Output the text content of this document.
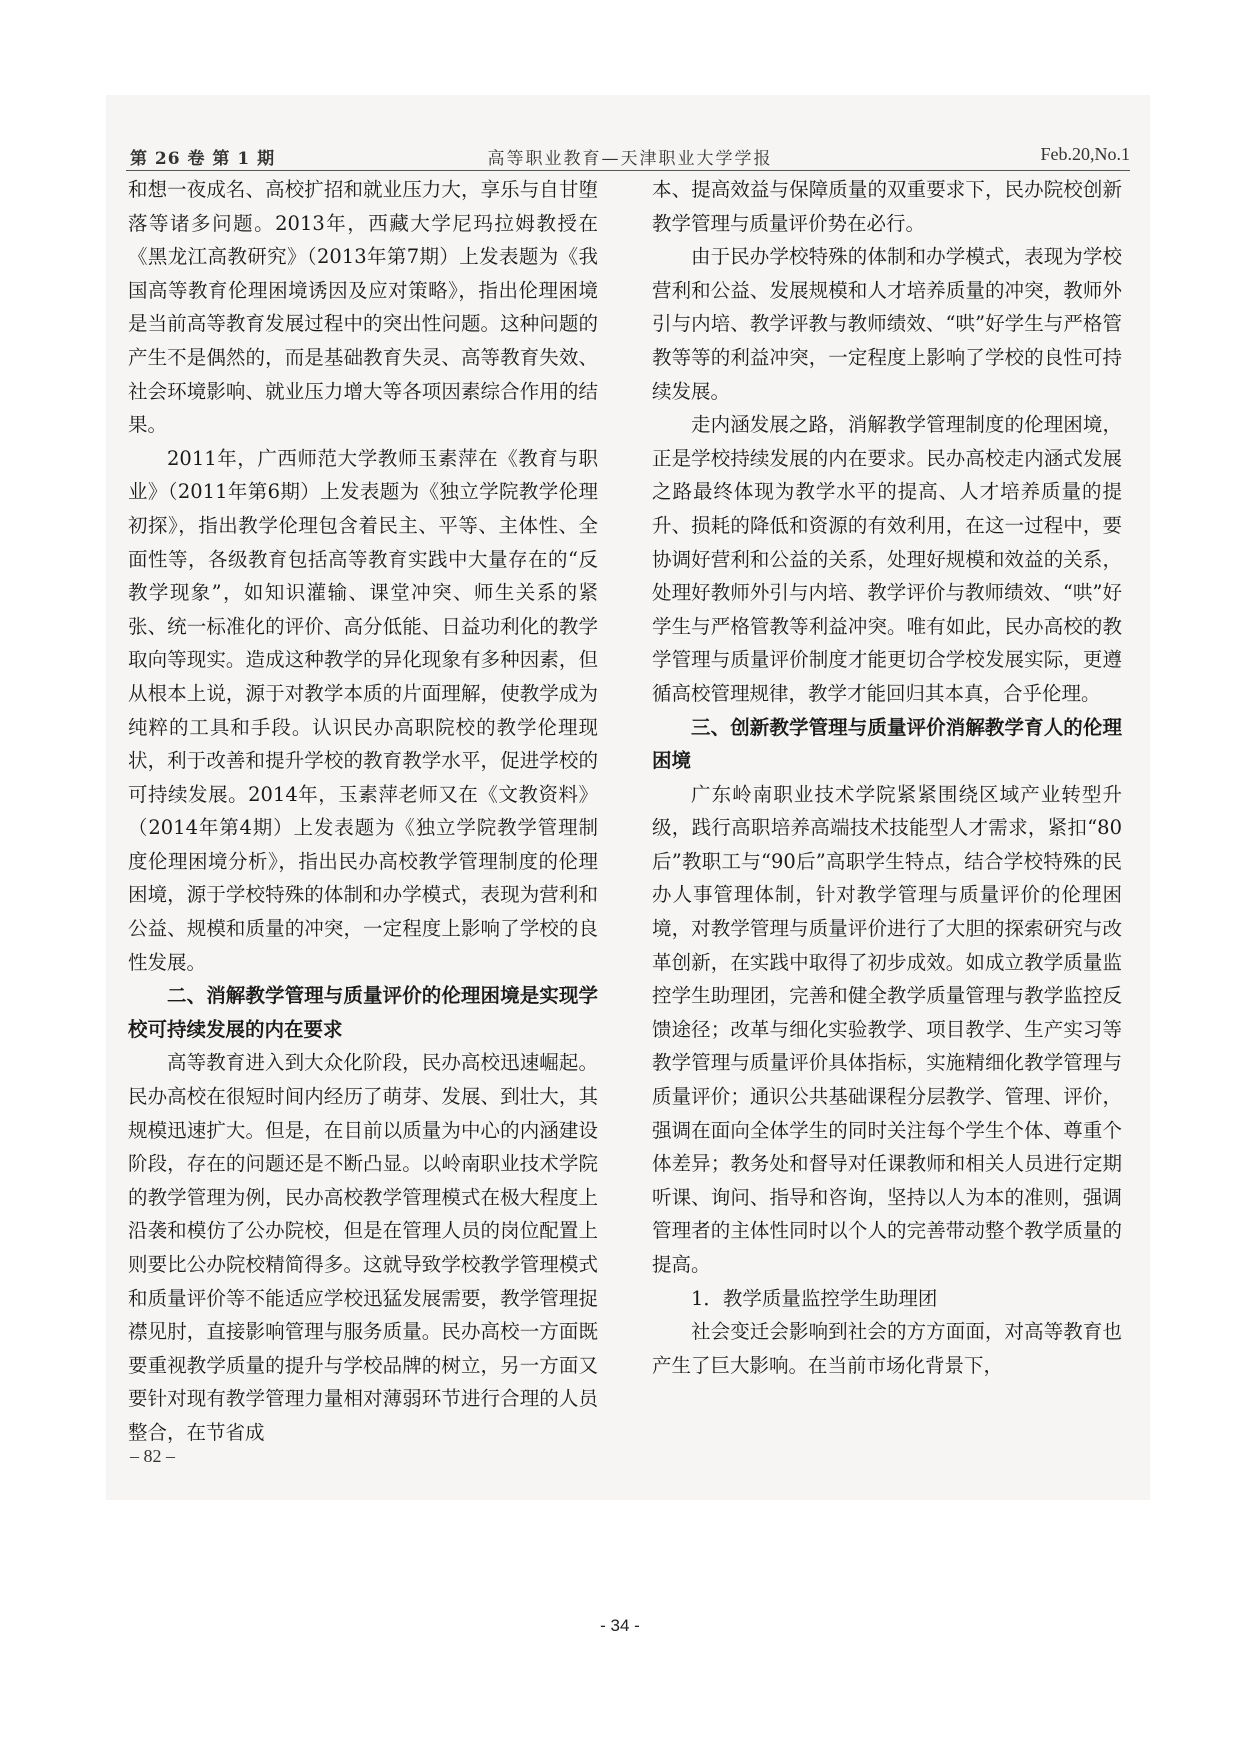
第 26 卷 第 1 期	高等职业教育—天津职业大学学报	Feb.20,No.1

和想一夜成名、高校扩招和就业压力大，享乐与自甘堕落等诸多问题。2013年，西藏大学尼玛拉姆教授在《黑龙江高教研究》（2013年第7期）上发表题为《我国高等教育伦理困境诱因及应对策略》，指出伦理困境是当前高等教育发展过程中的突出性问题。这种问题的产生不是偶然的，而是基础教育失灵、高等教育失效、社会环境影响、就业压力增大等各项因素综合作用的结果。

2011年，广西师范大学教师玉素萍在《教育与职业》（2011年第6期）上发表题为《独立学院教学伦理初探》，指出教学伦理包含着民主、平等、主体性、全面性等，各级教育包括高等教育实践中大量存在的“反教学现象”，如知识灌输、课堂冲突、师生关系的紧张、统一标准化的评价、高分低能、日益功利化的教学取向等现实。造成这种教学的异化现象有多种因素，但从根本上说，源于对教学本质的片面理解，使教学成为纯粹的工具和手段。认识民办高职院校的教学伦理现状，利于改善和提升学校的教育教学水平，促进学校的可持续发展。2014年，玉素萍老师又在《文教资料》（2014年第4期）上发表题为《独立学院教学管理制度伦理困境分析》，指出民办高校教学管理制度的伦理困境，源于学校特殊的体制和办学模式，表现为营利和公益、规模和质量的冲突，一定程度上影响了学校的良性发展。

二、消解教学管理与质量评价的伦理困境是实现学校可持续发展的内在要求

高等教育进入到大众化阶段，民办高校迅速崛起。民办高校在很短时间内经历了萌芽、发展、到壮大，其规模迅速扩大。但是，在目前以质量为中心的内涵建设阶段，存在的问题还是不断凸显。以岭南职业技术学院的教学管理为例，民办高校教学管理模式在极大程度上沿袭和模仿了公办院校，但是在管理人员的岗位配置上则要比公办院校精简得多。这就导致学校教学管理模式和质量评价等不能适应学校迅猛发展需要，教学管理捉襟见肘，直接影响管理与服务质量。民办高校一方面既要重视教学质量的提升与学校品牌的树立，另一方面又要针对现有教学管理力量相对薄弱环节进行合理的人员整合，在节省成

本、提高效益与保障质量的双重要求下，民办院校创新教学管理与质量评价势在必行。

由于民办学校特殊的体制和办学模式，表现为学校营利和公益、发展规模和人才培养质量的冲突，教师外引与内培、教学评教与教师绩效、“哄”好学生与严格管教等等的利益冲突，一定程度上影响了学校的良性可持续发展。

走内涵发展之路，消解教学管理制度的伦理困境，正是学校持续发展的内在要求。民办高校走内涵式发展之路最终体现为教学水平的提高、人才培养质量的提升、损耗的降低和资源的有效利用，在这一过程中，要协调好营利和公益的关系，处理好规模和效益的关系，处理好教师外引与内培、教学评价与教师绩效、“哄”好学生与严格管教等利益冲突。唯有如此，民办高校的教学管理与质量评价制度才能更切合学校发展实际，更遵循高校管理规律，教学才能回归其本真，合乎伦理。

三、创新教学管理与质量评价消解教学育人的伦理困境

广东岭南职业技术学院紧紧围绕区域产业转型升级，践行高职培养高端技术技能型人才需求，紧扣“80后”教职工与“90后”高职学生特点，结合学校特殊的民办人事管理体制，针对教学管理与质量评价的伦理困境，对教学管理与质量评价进行了大胆的探索研究与改革创新，在实践中取得了初步成效。如成立教学质量监控学生助理团，完善和健全教学质量管理与教学监控反馈途径；改革与细化实验教学、项目教学、生产实习等教学管理与质量评价具体指标，实施精细化教学管理与质量评价；通识公共基础课程分层教学、管理、评价，强调在面向全体学生的同时关注每个学生个体、尊重个体差异；教务处和督导对任课教师和相关人员进行定期听课、询问、指导和咨询，坚持以人为本的准则，强调管理者的主体性同时以个人的完善带动整个教学质量的提高。

1．教学质量监控学生助理团

社会变迁会影响到社会的方方面面，对高等教育也产生了巨大影响。在当前市场化背景下，

– 82 –
- 34 -
